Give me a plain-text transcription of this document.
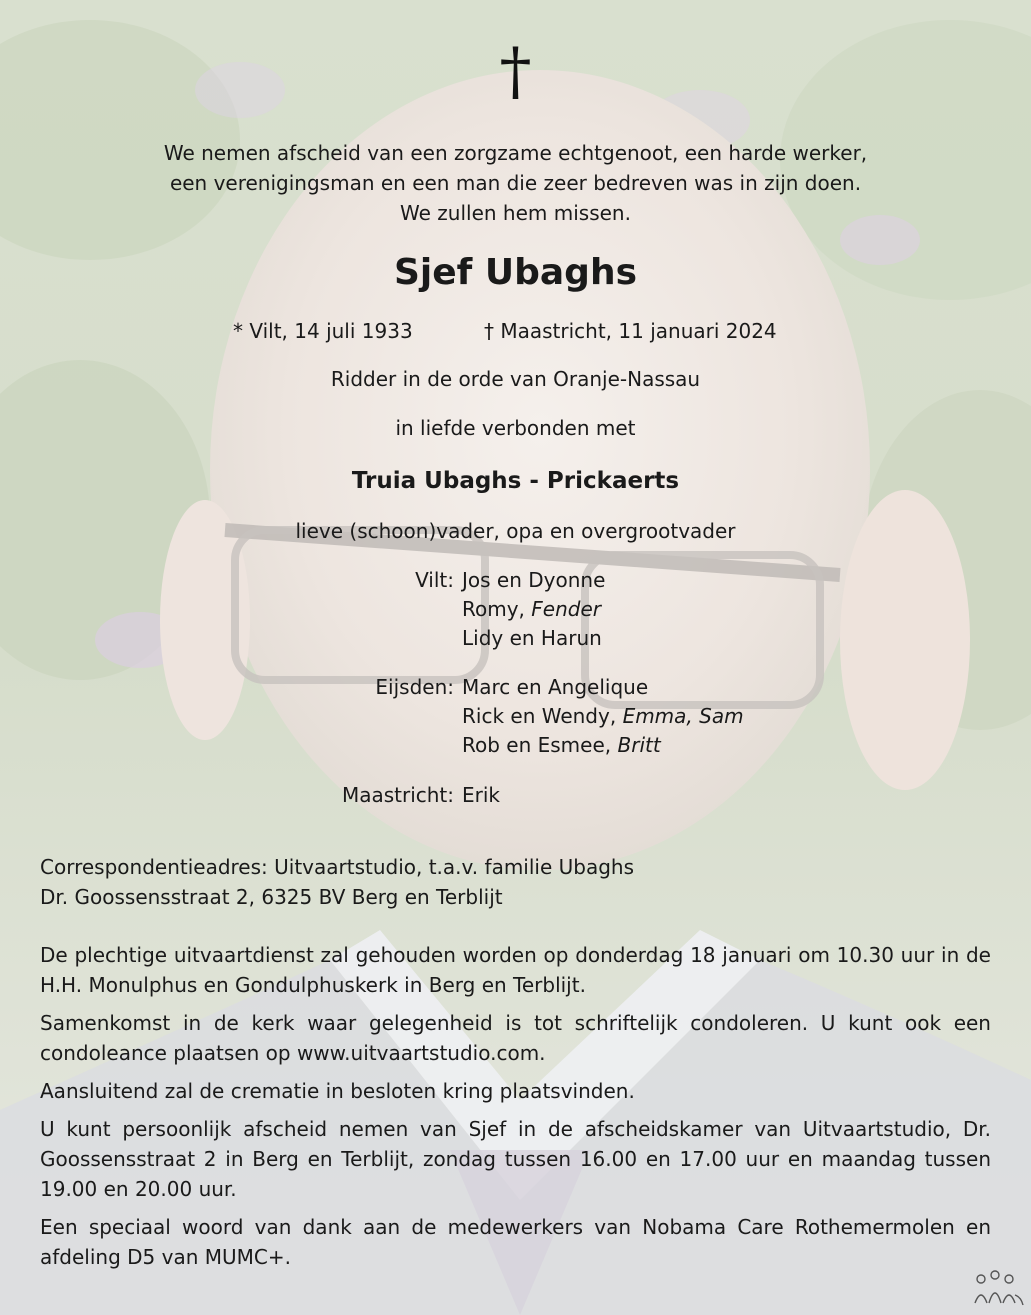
†
We nemen afscheid van een zorgzame echtgenoot, een harde werker,
een verenigingsman en een man die zeer bedreven was in zijn doen.
We zullen hem missen.
Sjef Ubaghs
* Vilt, 14 juli 1933	† Maastricht, 11 januari 2024
Ridder in de orde van Oranje-Nassau
in liefde verbonden met
Truia Ubaghs - Prickaerts
lieve (schoon)vader, opa en overgrootvader
Vilt: Jos en Dyonne
Romy, Fender
Lidy en Harun
Eijsden: Marc en Angelique
Rick en Wendy, Emma, Sam
Rob en Esmee, Britt
Maastricht: Erik
Correspondentieadres: Uitvaartstudio, t.a.v. familie Ubaghs
Dr. Goossensstraat 2, 6325 BV Berg en Terblijt

De plechtige uitvaartdienst zal gehouden worden op donderdag 18 januari om 10.30 uur in de H.H. Monulphus en Gondulphuskerk in Berg en Terblijt.

Samenkomst in de kerk waar gelegenheid is tot schriftelijk condoleren. U kunt ook een condoleance plaatsen op www.uitvaartstudio.com.

Aansluitend zal de crematie in besloten kring plaatsvinden.

U kunt persoonlijk afscheid nemen van Sjef in de afscheidskamer van Uitvaartstudio, Dr. Goossensstraat 2 in Berg en Terblijt, zondag tussen 16.00 en 17.00 uur en maandag tussen 19.00 en 20.00 uur.

Een speciaal woord van dank aan de medewerkers van Nobama Care Rothemermolen en afdeling D5 van MUMC+.
